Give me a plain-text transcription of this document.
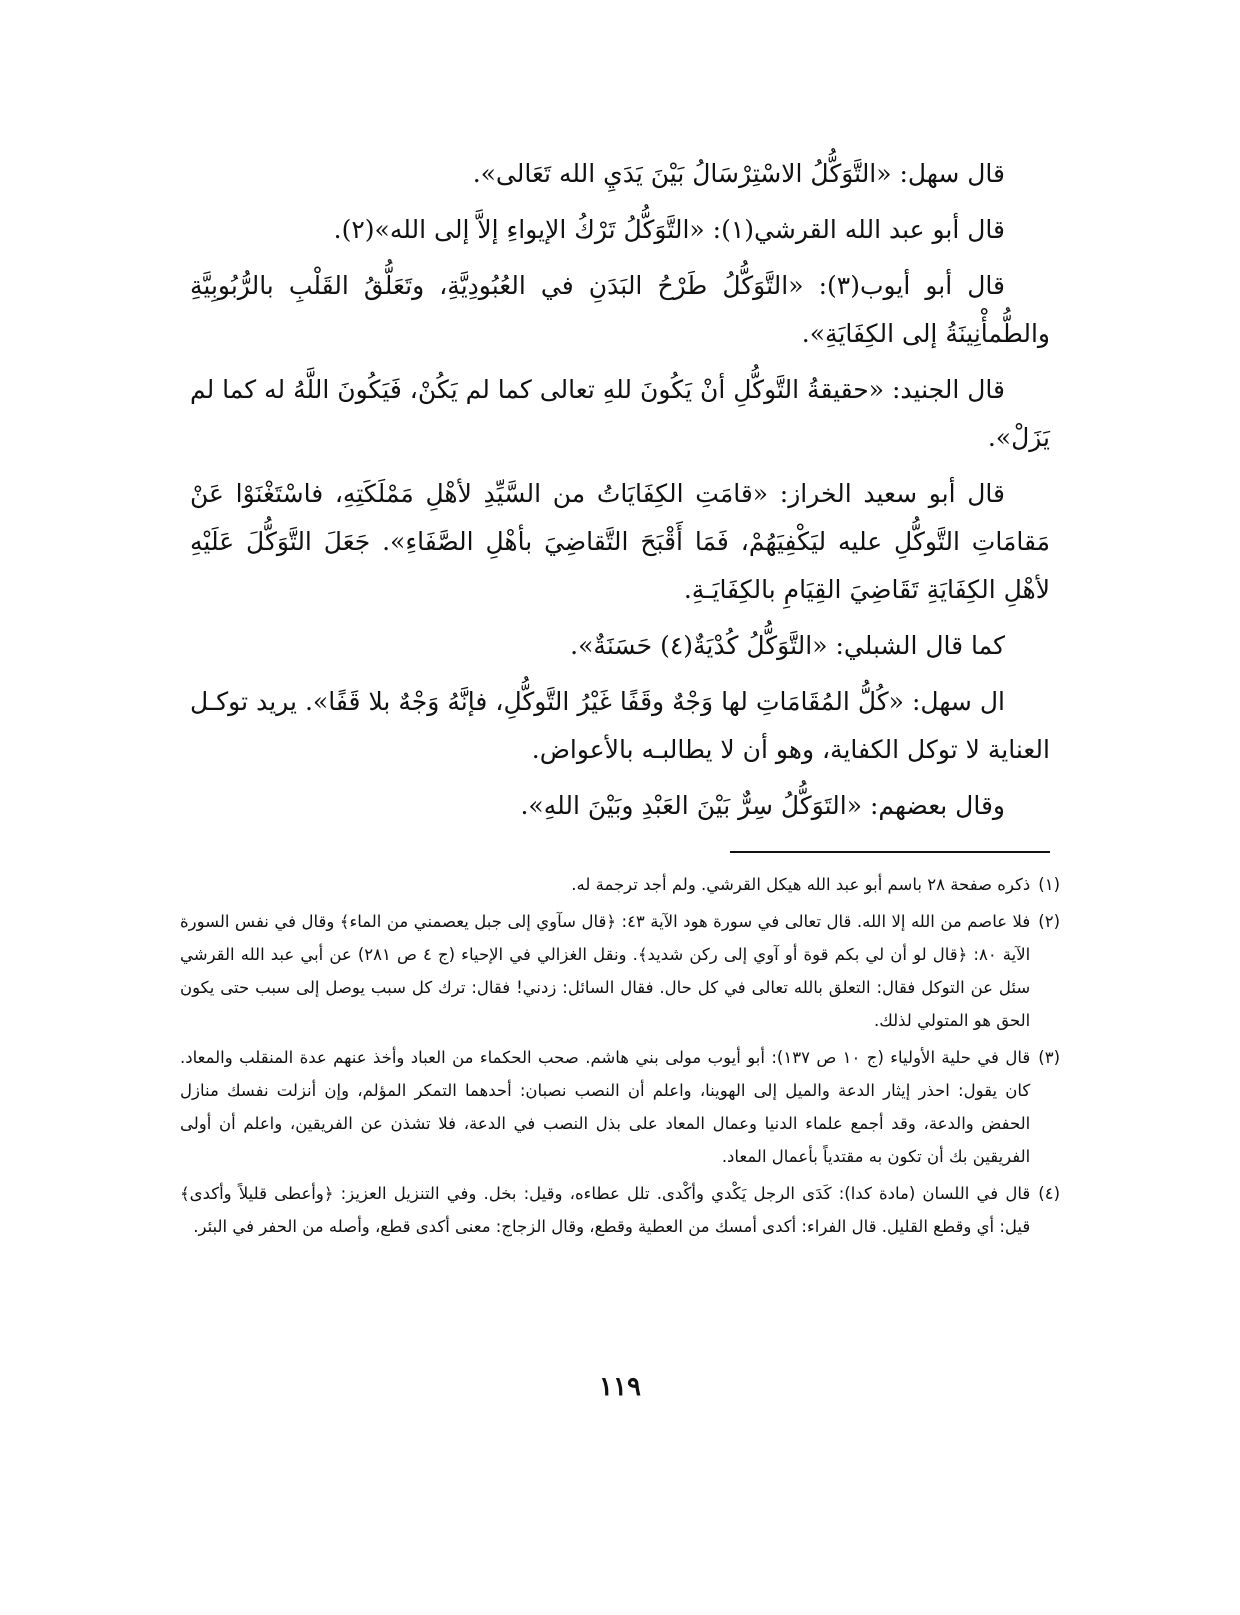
قال سهل: «التَّوَكُّلُ الاسْتِرْسَالُ بَيْنَ يَدَيِ الله تَعَالى».

قال أبو عبد الله القرشي(١): «التَّوَكُّلُ تَرْكُ الإيواءِ إلاَّ إلى الله»(٢).

قال أبو أيوب(٣): «التَّوَكُّلُ طَرْحُ البَدَنِ في العُبُودِيَّةِ، وتَعَلُّقُ القَلْبِ بالرُّبُوبِيَّةِ والطُّمأْنِينَةُ إلى الكِفَايَةِ».

قال الجنيد: «حقيقةُ التَّوكُّلِ أنْ يَكُونَ للهِ تعالى كما لم يَكُنْ، فَيَكُونَ اللَّهُ له كما لم يَزَلْ».

قال أبو سعيد الخراز: «قامَتِ الكِفَايَاتُ من السَّيِّدِ لأهْلِ مَمْلَكَتِهِ، فاسْتَغْنَوْا عَنْ مَقامَاتِ التَّوكُّلِ عليه ليَكْفِيَهُمْ، فَمَا أَقْبَحَ التَّقاضِيَ بأهْلِ الصَّفَاءِ». جَعَلَ التَّوَكُّلَ عَلَيْهِ لأهْلِ الكِفَايَةِ تَقَاضِيَ القِيَامِ بالكِفَايَـةِ.

كما قال الشبلي: «التَّوَكُّلُ كُدْيَةٌ(٤) حَسَنَةٌ».

ال سهل: «كُلُّ المُقَامَاتِ لها وَجْهٌ وقَفًا غَيْرُ التَّوكُّلِ، فإنَّهُ وَجْهٌ بلا قَفًا». يريد توكـل العناية لا توكل الكفاية، وهو أن لا يطالبـه بالأعواض.

وقال بعضهم: «التَوَكُّلُ سِرٌّ بَيْنَ العَبْدِ وبَيْنَ اللهِ».

(١)
ذكره صفحة ٢٨ باسم أبو عبد الله هيكل القرشي. ولم أجد ترجمة له.
(٢)
فلا عاصم من الله إلا الله. قال تعالى في سورة هود الآية ٤٣: ﴿قال سآوي إلى جبل يعصمني من الماء﴾ وقال في نفس السورة الآية ٨٠: ﴿قال لو أن لي بكم قوة أو آوي إلى ركن شديد﴾. ونقل الغزالي في الإحياء (ج ٤ ص ٢٨١) عن أبي عبد الله القرشي سئل عن التوكل فقال: التعلق بالله تعالى في كل حال. فقال السائل: زدني! فقال: ترك كل سبب يوصل إلى سبب حتى يكون الحق هو المتولي لذلك.
(٣)
قال في حلية الأولياء (ج ١٠ ص ١٣٧): أبو أيوب مولى بني هاشم. صحب الحكماء من العباد وأخذ عنهم عدة المنقلب والمعاد. كان يقول: احذر إيثار الدعة والميل إلى الهوينا، واعلم أن النصب نصبان: أحدهما التمكر المؤلم، وإن أنزلت نفسك منازل الحفض والدعة، وقد أجمع علماء الدنيا وعمال المعاد على بذل النصب في الدعة، فلا تشذن عن الفريقين، واعلم أن أولى الفريقين بك أن تكون به مقتدياً بأعمال المعاد.
(٤)
قال في اللسان (مادة كدا): كَدَى الرجل يَكْدي وأكْدى. تلل عطاءه، وقيل: بخل. وفي التنزيل العزيز: ﴿وأعطى قليلاً وأكدى﴾ قيل: أي وقطع القليل. قال الفراء: أكدى أمسك من العطية وقطع، وقال الزجاج: معنى أكدى قطع، وأصله من الحفر في البئر.
١١٩
